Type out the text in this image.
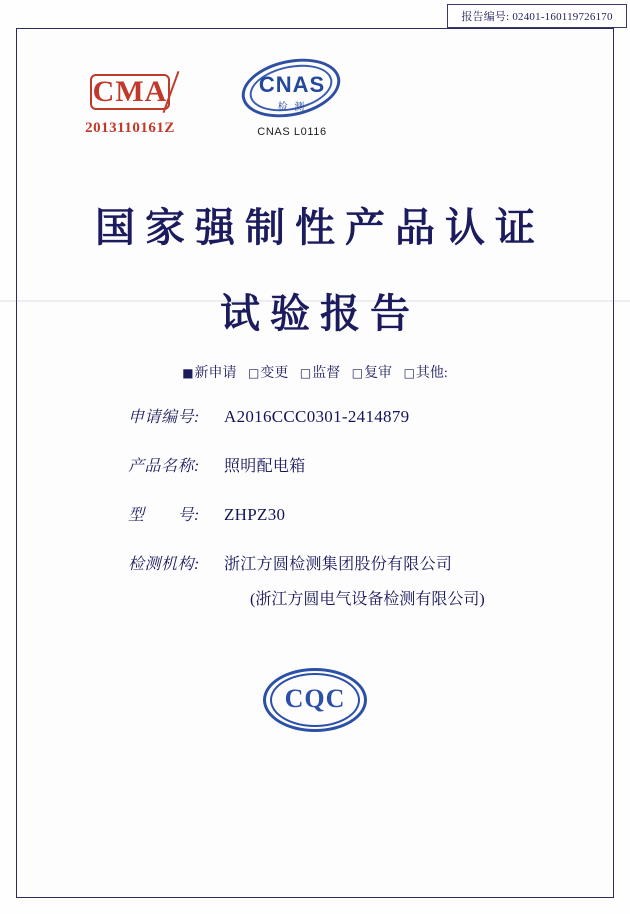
报告编号: 02401-160119726170
CMA
2013110161Z
CNAS
检 测
CNAS L0116
国家强制性产品认证
试验报告
■新申请 □变更 □监督 □复审 □其他:
申请编号:	A2016CCC0301-2414879
产品名称:	照明配电箱
型　　号:	ZHPZ30
检测机构:	浙江方圆检测集团股份有限公司
(浙江方圆电气设备检测有限公司)
CQC
